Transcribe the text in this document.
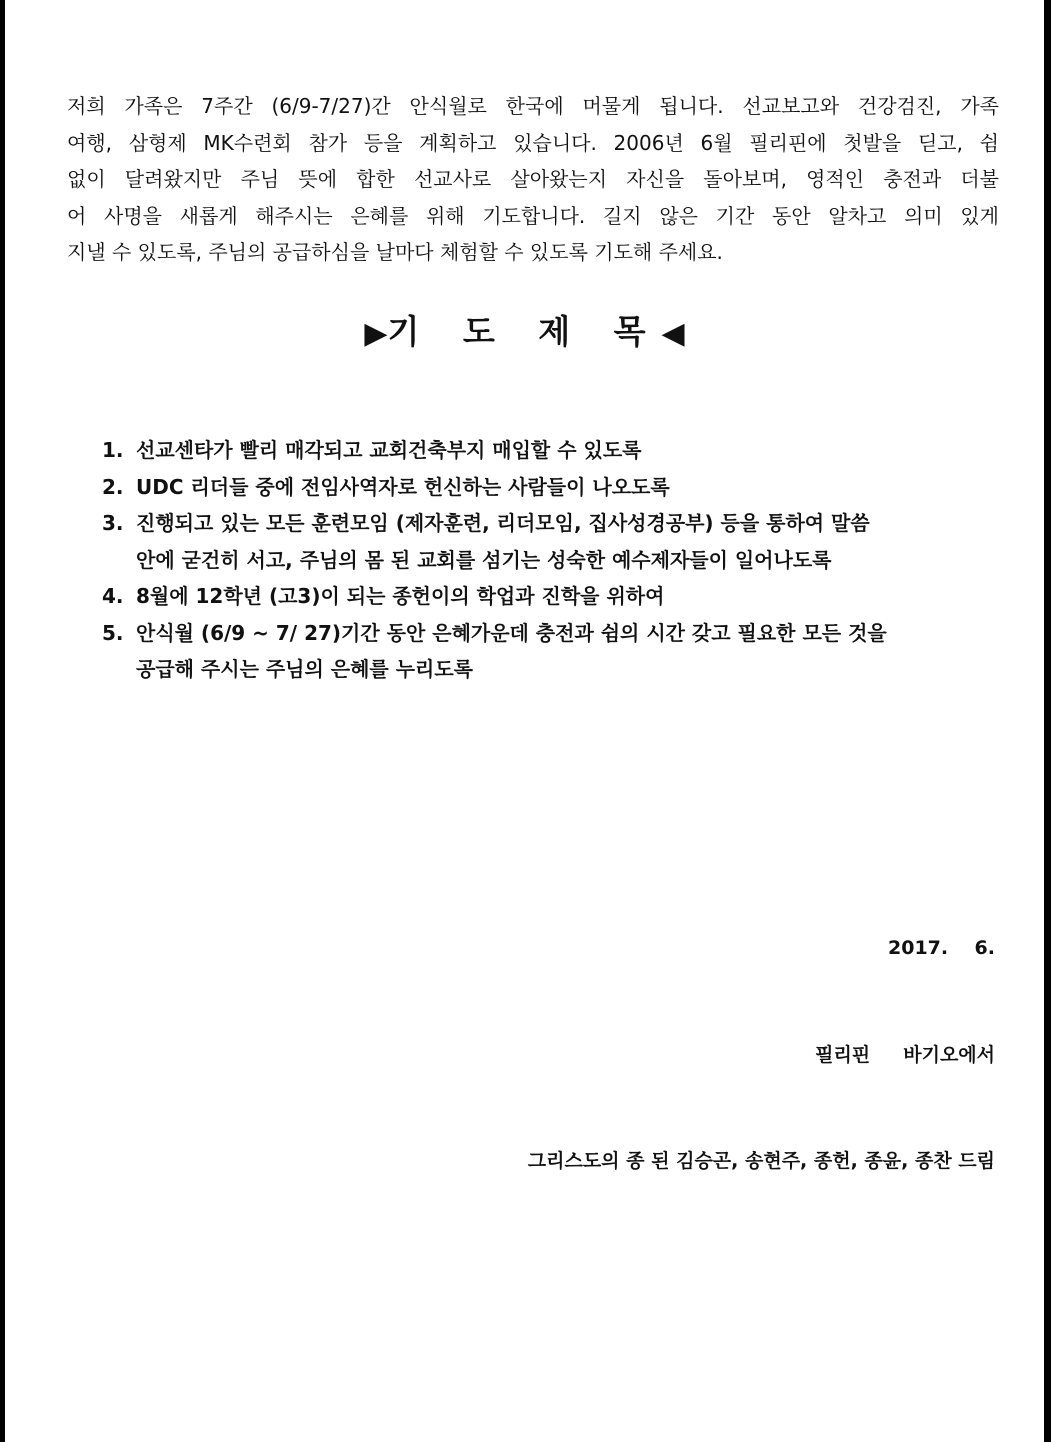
저희 가족은 7주간 (6/9-7/27)간 안식월로 한국에 머물게 됩니다. 선교보고와 건강검진, 가족
여행, 삼형제 MK수련회 참가 등을 계획하고 있습니다. 2006년 6월 필리핀에 첫발을 딛고, 쉼
없이 달려왔지만 주님 뜻에 합한 선교사로 살아왔는지 자신을 돌아보며, 영적인 충전과 더불
어 사명을 새롭게 해주시는 은혜를 위해 기도합니다. 길지 않은 기간 동안 알차고 의미 있게
지낼 수 있도록, 주님의 공급하심을 날마다 체험할 수 있도록 기도해 주세요.
▶기 도 제 목◀
1. 선교센타가 빨리 매각되고 교회건축부지 매입할 수 있도록
2. UDC 리더들 중에 전임사역자로 헌신하는 사람들이 나오도록
3. 진행되고 있는 모든 훈련모임 (제자훈련, 리더모임, 집사성경공부) 등을 통하여 말씀
안에 굳건히 서고, 주님의 몸 된 교회를 섬기는 성숙한 예수제자들이 일어나도록
4. 8월에 12학년 (고3)이 되는 종헌이의 학업과 진학을 위하여
5. 안식월 (6/9 ~ 7/ 27)기간 동안 은혜가운데 충전과 쉼의 시간 갖고 필요한 모든 것을
공급해 주시는 주님의 은혜를 누리도록

2017.    6.

필리핀     바기오에서

그리스도의 종 된 김승곤, 송현주, 종헌, 종윤, 종찬 드림
